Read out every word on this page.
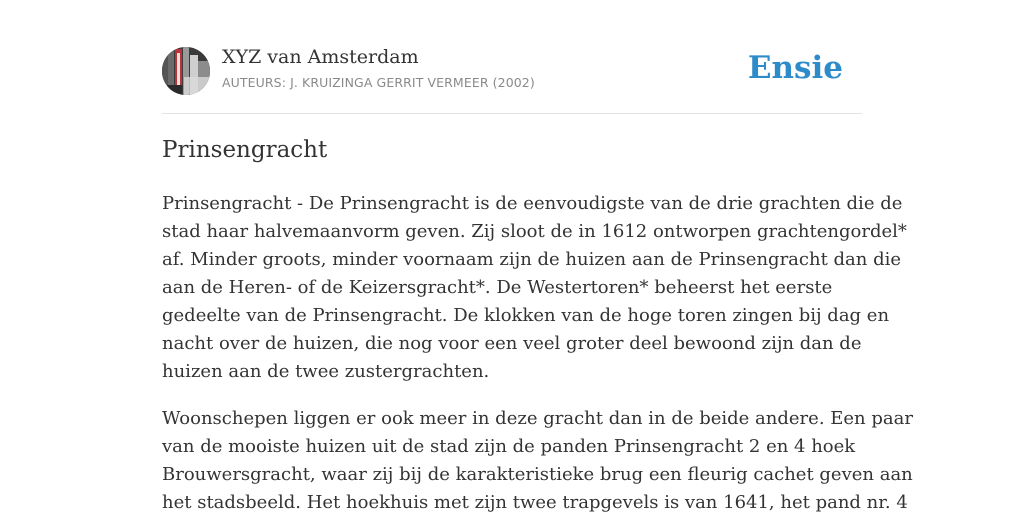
XYZ van Amsterdam
AUTEURS: J. KRUIZINGA GERRIT VERMEER (2002)	Ensie
Prinsengracht

Prinsengracht - De Prinsengracht is de eenvoudigste van de drie grachten die de
stad haar halvemaanvorm geven. Zij sloot de in 1612 ontworpen grachtengordel*
af. Minder groots, minder voornaam zijn de huizen aan de Prinsengracht dan die
aan de Heren- of de Keizersgracht*. De Westertoren* beheerst het eerste
gedeelte van de Prinsengracht. De klokken van de hoge toren zingen bij dag en
nacht over de huizen, die nog voor een veel groter deel bewoond zijn dan de
huizen aan de twee zustergrachten.

Woonschepen liggen er ook meer in deze gracht dan in de beide andere. Een paar
van de mooiste huizen uit de stad zijn de panden Prinsengracht 2 en 4 hoek
Brouwersgracht, waar zij bij de karakteristieke brug een fleurig cachet geven aan
het stadsbeeld. Het hoekhuis met zijn twee trapgevels is van 1641, het pand nr. 4
